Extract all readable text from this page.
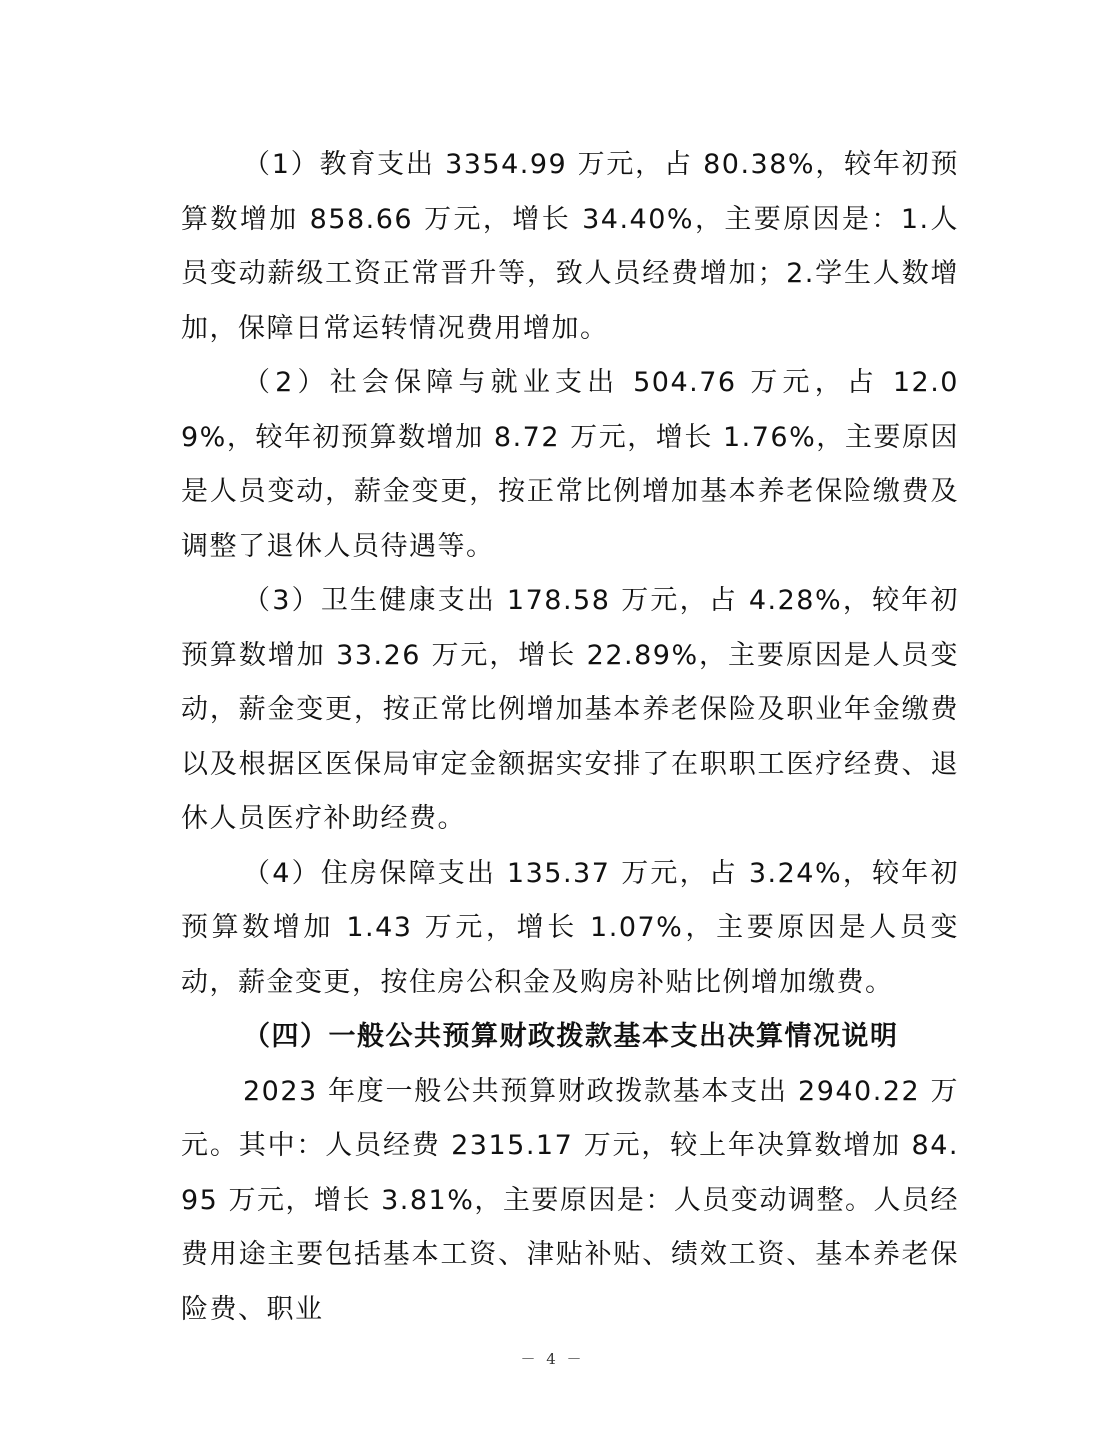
（1）教育支出 3354.99 万元，占 80.38%，较年初预算数增加 858.66 万元，增长 34.40%，主要原因是：1.人员变动薪级工资正常晋升等，致人员经费增加；2.学生人数增加，保障日常运转情况费用增加。

（2）社会保障与就业支出 504.76 万元，占 12.09%，较年初预算数增加 8.72 万元，增长 1.76%，主要原因是人员变动，薪金变更，按正常比例增加基本养老保险缴费及调整了退休人员待遇等。

（3）卫生健康支出 178.58 万元，占 4.28%，较年初预算数增加 33.26 万元，增长 22.89%，主要原因是人员变动，薪金变更，按正常比例增加基本养老保险及职业年金缴费以及根据区医保局审定金额据实安排了在职职工医疗经费、退休人员医疗补助经费。

（4）住房保障支出 135.37 万元，占 3.24%，较年初预算数增加 1.43 万元，增长 1.07%，主要原因是人员变动，薪金变更，按住房公积金及购房补贴比例增加缴费。

（四）一般公共预算财政拨款基本支出决算情况说明

2023 年度一般公共预算财政拨款基本支出 2940.22 万元。其中：人员经费 2315.17 万元，较上年决算数增加 84.95 万元，增长 3.81%，主要原因是：人员变动调整。人员经费用途主要包括基本工资、津贴补贴、绩效工资、基本养老保险费、职业

－ 4 －
